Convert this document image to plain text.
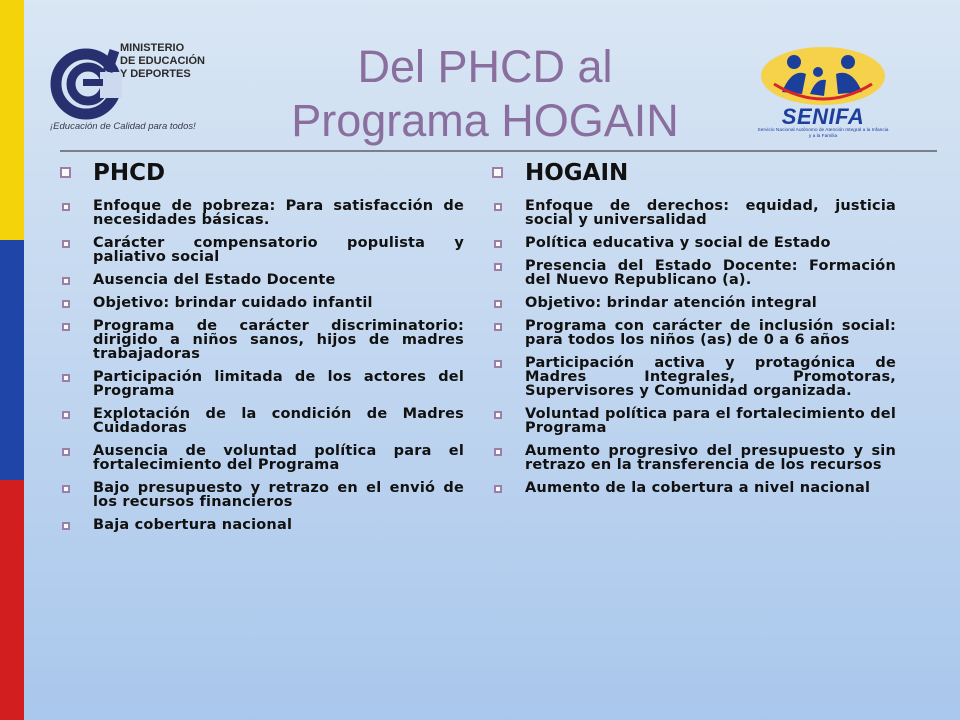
MINISTERIO
DE EDUCACIÓN
Y DEPORTES
¡Educación de Calidad para todos!
Del PHCD al
Programa HOGAIN	SENIFA
Servicio Nacional Autónomo de Atención Integral a la Infancia y a la Familia
PHCD
Enfoque de pobreza: Para satisfacción de necesidades básicas.
Carácter compensatorio populista y paliativo social
Ausencia del Estado Docente
Objetivo: brindar cuidado infantil
Programa de carácter discriminatorio: dirigido a niños sanos, hijos de madres trabajadoras
Participación limitada de los actores del Programa
Explotación de la condición de Madres Cuidadoras
Ausencia de voluntad política para el fortalecimiento del Programa
Bajo presupuesto y retrazo en el envió de los recursos financieros
Baja cobertura nacional
HOGAIN
Enfoque de derechos: equidad, justicia social y universalidad
Política educativa y social de Estado
Presencia del Estado Docente: Formación del Nuevo Republicano (a).
Objetivo: brindar atención integral
Programa con carácter de inclusión social: para todos los niños (as) de 0 a 6 años
Participación activa y protagónica de Madres Integrales, Promotoras, Supervisores y Comunidad organizada.
Voluntad política para el fortalecimiento del Programa
Aumento progresivo del presupuesto y sin retrazo en la transferencia de los recursos
Aumento de la cobertura a nivel nacional
